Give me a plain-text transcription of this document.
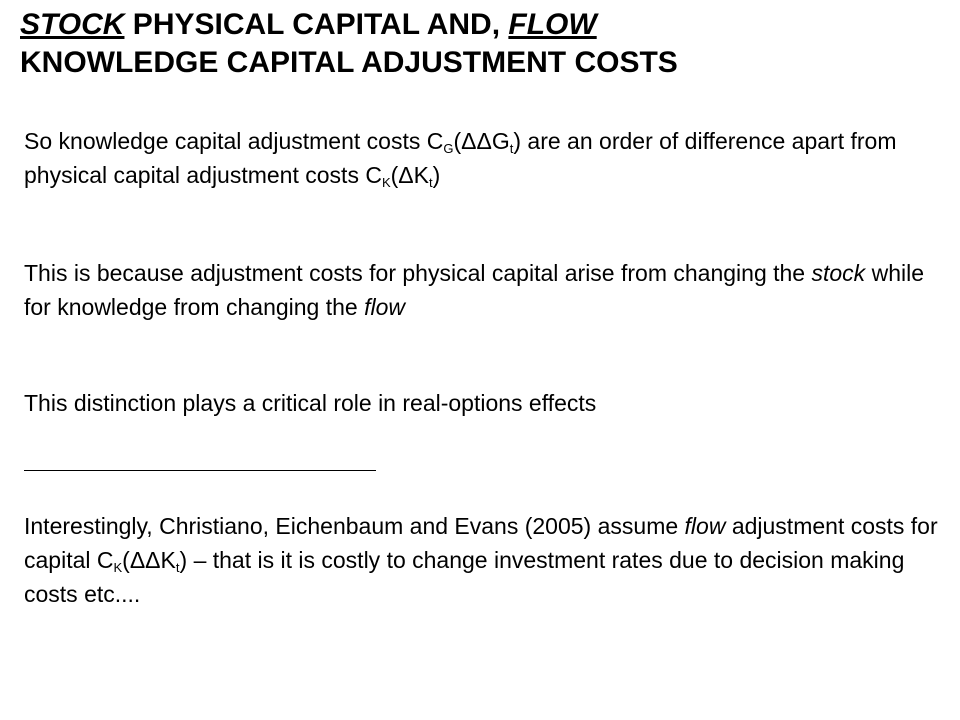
STOCK PHYSICAL CAPITAL AND, FLOW
KNOWLEDGE CAPITAL ADJUSTMENT COSTS

So knowledge capital adjustment costs $C_G(\Delta\Delta G_t)$ are an order of difference apart from physical capital adjustment costs $C_K(\Delta K_t)$

This is because adjustment costs for physical capital arise from changing the stock while for knowledge from changing the flow

This distinction plays a critical role in real-options effects

Interestingly, Christiano, Eichenbaum and Evans (2005) assume flow adjustment costs for capital $C_K(\Delta\Delta K_t)$ – that is it is costly to change investment rates due to decision making costs etc....
